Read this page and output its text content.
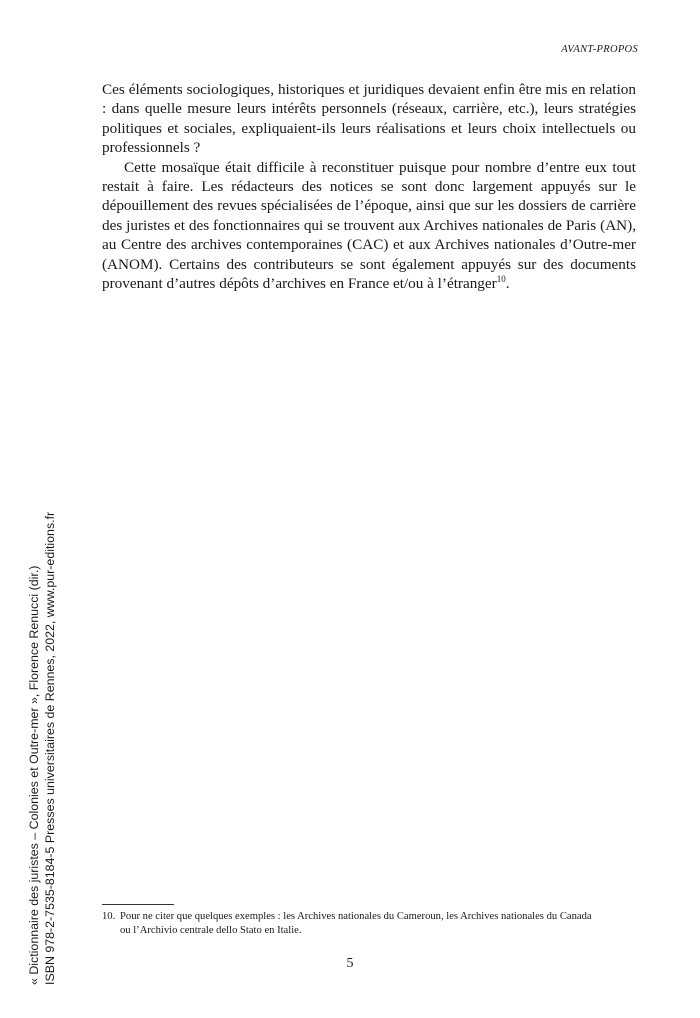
AVANT-PROPOS

Ces éléments sociologiques, historiques et juridiques devaient enfin être mis en relation : dans quelle mesure leurs intérêts personnels (réseaux, carrière, etc.), leurs stratégies politiques et sociales, expliquaient-ils leurs réalisations et leurs choix intellectuels ou professionnels ?

Cette mosaïque était difficile à reconstituer puisque pour nombre d’entre eux tout restait à faire. Les rédacteurs des notices se sont donc largement appuyés sur le dépouillement des revues spécialisées de l’époque, ainsi que sur les dossiers de carrière des juristes et des fonctionnaires qui se trouvent aux Archives nationales de Paris (AN), au Centre des archives contemporaines (CAC) et aux Archives nationales d’Outre-mer (ANOM). Certains des contributeurs se sont également appuyés sur des documents provenant d’autres dépôts d’archives en France et/ou à l’étranger$^{10}$.

10. Pour ne citer que quelques exemples : les Archives nationales du Cameroun, les Archives nationales du Canada
ou l’Archivio centrale dello Stato en Italie.
5
« Dictionnaire des juristes – Colonies et Outre-mer », Florence Renucci (dir.) ISBN 978-2-7535-8184-5 Presses universitaires de Rennes, 2022, www.pur-editions.fr
